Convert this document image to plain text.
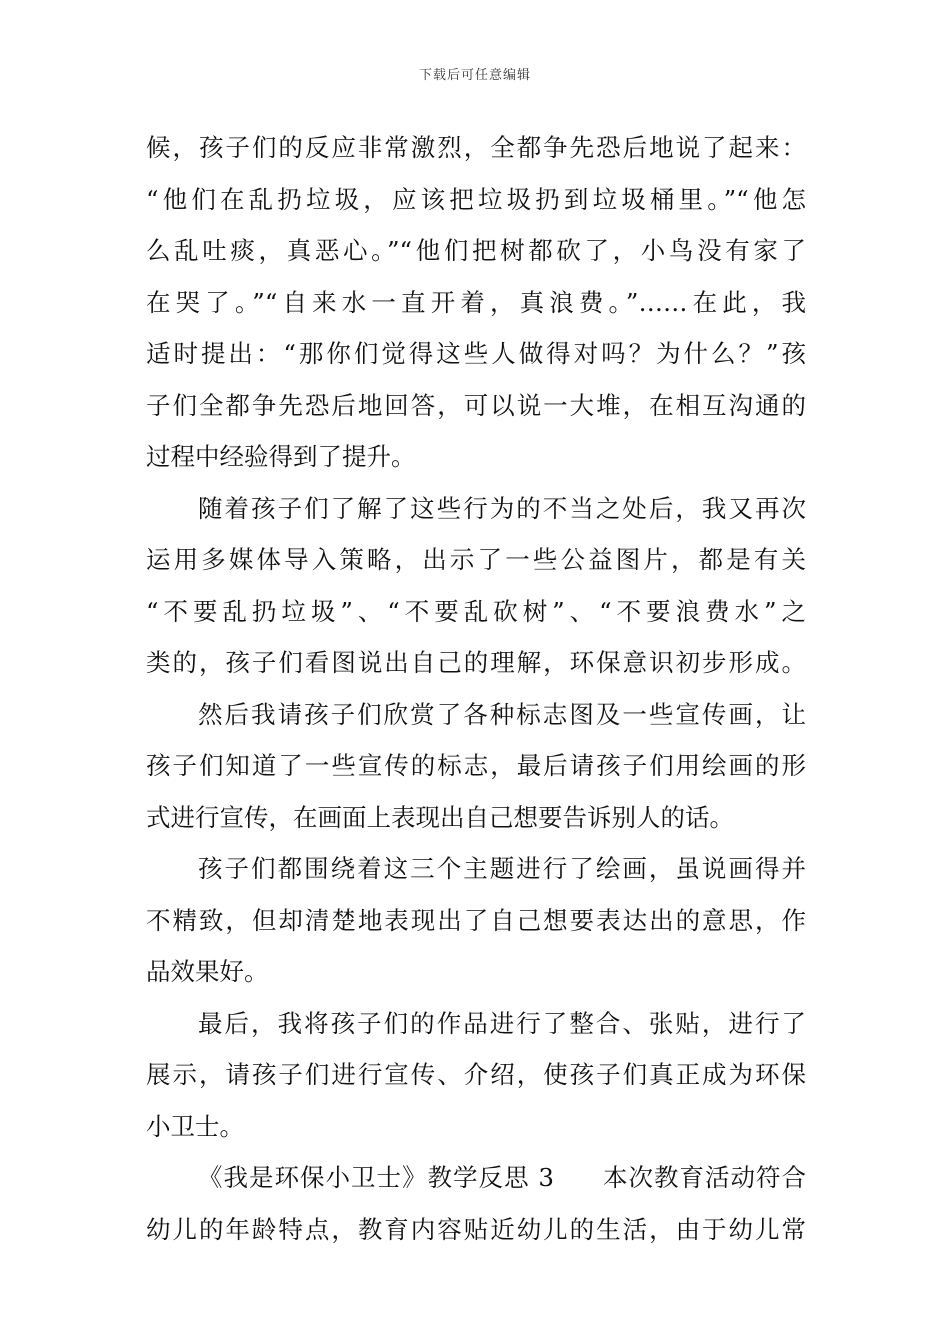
下载后可任意编辑
候，孩子们的反应非常激烈，全都争先恐后地说了起来：
“他们在乱扔垃圾，应该把垃圾扔到垃圾桶里。”“他怎
么乱吐痰，真恶心。”“他们把树都砍了，小鸟没有家了
在哭了。”“自来水一直开着，真浪费。”……在此，我
适时提出：“那你们觉得这些人做得对吗？为什么？”孩
子们全都争先恐后地回答，可以说一大堆，在相互沟通的
过程中经验得到了提升。
随着孩子们了解了这些行为的不当之处后，我又再次
运用多媒体导入策略，出示了一些公益图片，都是有关
“不要乱扔垃圾”、“不要乱砍树”、“不要浪费水”之
类的，孩子们看图说出自己的理解，环保意识初步形成。
然后我请孩子们欣赏了各种标志图及一些宣传画，让
孩子们知道了一些宣传的标志，最后请孩子们用绘画的形
式进行宣传，在画面上表现出自己想要告诉别人的话。
孩子们都围绕着这三个主题进行了绘画，虽说画得并
不精致，但却清楚地表现出了自己想要表达出的意思，作
品效果好。
最后，我将孩子们的作品进行了整合、张贴，进行了
展示，请孩子们进行宣传、介绍，使孩子们真正成为环保
小卫士。
《我是环保小卫士》教学反思 3 本次教育活动符合
幼儿的年龄特点，教育内容贴近幼儿的生活，由于幼儿常
